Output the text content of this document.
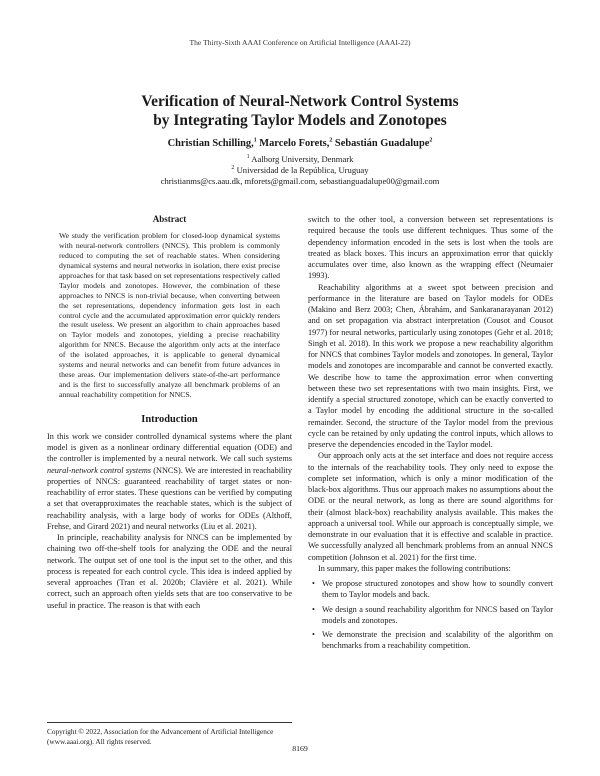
The Thirty-Sixth AAAI Conference on Artificial Intelligence (AAAI-22)
Verification of Neural-Network Control Systems
by Integrating Taylor Models and Zonotopes
Christian Schilling,$^1$ Marcelo Forets,$^2$ Sebastián Guadalupe$^2$
$^1$ Aalborg University, Denmark
$^2$ Universidad de la República, Uruguay
christianms@cs.aau.dk, mforets@gmail.com, sebastianguadalupe00@gmail.com
Abstract

We study the verification problem for closed-loop dynamical systems with neural-network controllers (NNCS). This problem is commonly reduced to computing the set of reachable states. When considering dynamical systems and neural networks in isolation, there exist precise approaches for that task based on set representations respectively called Taylor models and zonotopes. However, the combination of these approaches to NNCS is non-trivial because, when converting between the set representations, dependency information gets lost in each control cycle and the accumulated approximation error quickly renders the result useless. We present an algorithm to chain approaches based on Taylor models and zonotopes, yielding a precise reachability algorithm for NNCS. Because the algorithm only acts at the interface of the isolated approaches, it is applicable to general dynamical systems and neural networks and can benefit from future advances in these areas. Our implementation delivers state-of-the-art performance and is the first to successfully analyze all benchmark problems of an annual reachability competition for NNCS.

Introduction

In this work we consider controlled dynamical systems where the plant model is given as a nonlinear ordinary differential equation (ODE) and the controller is implemented by a neural network. We call such systems neural-network control systems (NNCS). We are interested in reachability properties of NNCS: guaranteed reachability of target states or non-reachability of error states. These questions can be verified by computing a set that overapproximates the reachable states, which is the subject of reachability analysis, with a large body of works for ODEs (Althoff, Frehse, and Girard 2021) and neural networks (Liu et al. 2021).

In principle, reachability analysis for NNCS can be implemented by chaining two off-the-shelf tools for analyzing the ODE and the neural network. The output set of one tool is the input set to the other, and this process is repeated for each control cycle. This idea is indeed applied by several approaches (Tran et al. 2020b; Clavière et al. 2021). While correct, such an approach often yields sets that are too conservative to be useful in practice. The reason is that with each

switch to the other tool, a conversion between set representations is required because the tools use different techniques. Thus some of the dependency information encoded in the sets is lost when the tools are treated as black boxes. This incurs an approximation error that quickly accumulates over time, also known as the wrapping effect (Neumaier 1993).

Reachability algorithms at a sweet spot between precision and performance in the literature are based on Taylor models for ODEs (Makino and Berz 2003; Chen, Ábrahám, and Sankaranarayanan 2012) and on set propagation via abstract interpretation (Cousot and Cousot 1977) for neural networks, particularly using zonotopes (Gehr et al. 2018; Singh et al. 2018). In this work we propose a new reachability algorithm for NNCS that combines Taylor models and zonotopes. In general, Taylor models and zonotopes are incomparable and cannot be converted exactly. We describe how to tame the approximation error when converting between these two set representations with two main insights. First, we identify a special structured zonotope, which can be exactly converted to a Taylor model by encoding the additional structure in the so-called remainder. Second, the structure of the Taylor model from the previous cycle can be retained by only updating the control inputs, which allows to preserve the dependencies encoded in the Taylor model.

Our approach only acts at the set interface and does not require access to the internals of the reachability tools. They only need to expose the complete set information, which is only a minor modification of the black-box algorithms. Thus our approach makes no assumptions about the ODE or the neural network, as long as there are sound algorithms for their (almost black-box) reachability analysis available. This makes the approach a universal tool. While our approach is conceptually simple, we demonstrate in our evaluation that it is effective and scalable in practice. We successfully analyzed all benchmark problems from an annual NNCS competition (Johnson et al. 2021) for the first time.

In summary, this paper makes the following contributions:

• We propose structured zonotopes and show how to soundly convert them to Taylor models and back.
• We design a sound reachability algorithm for NNCS based on Taylor models and zonotopes.
• We demonstrate the precision and scalability of the algorithm on benchmarks from a reachability competition.
Copyright © 2022, Association for the Advancement of Artificial Intelligence (www.aaai.org). All rights reserved.
8169
